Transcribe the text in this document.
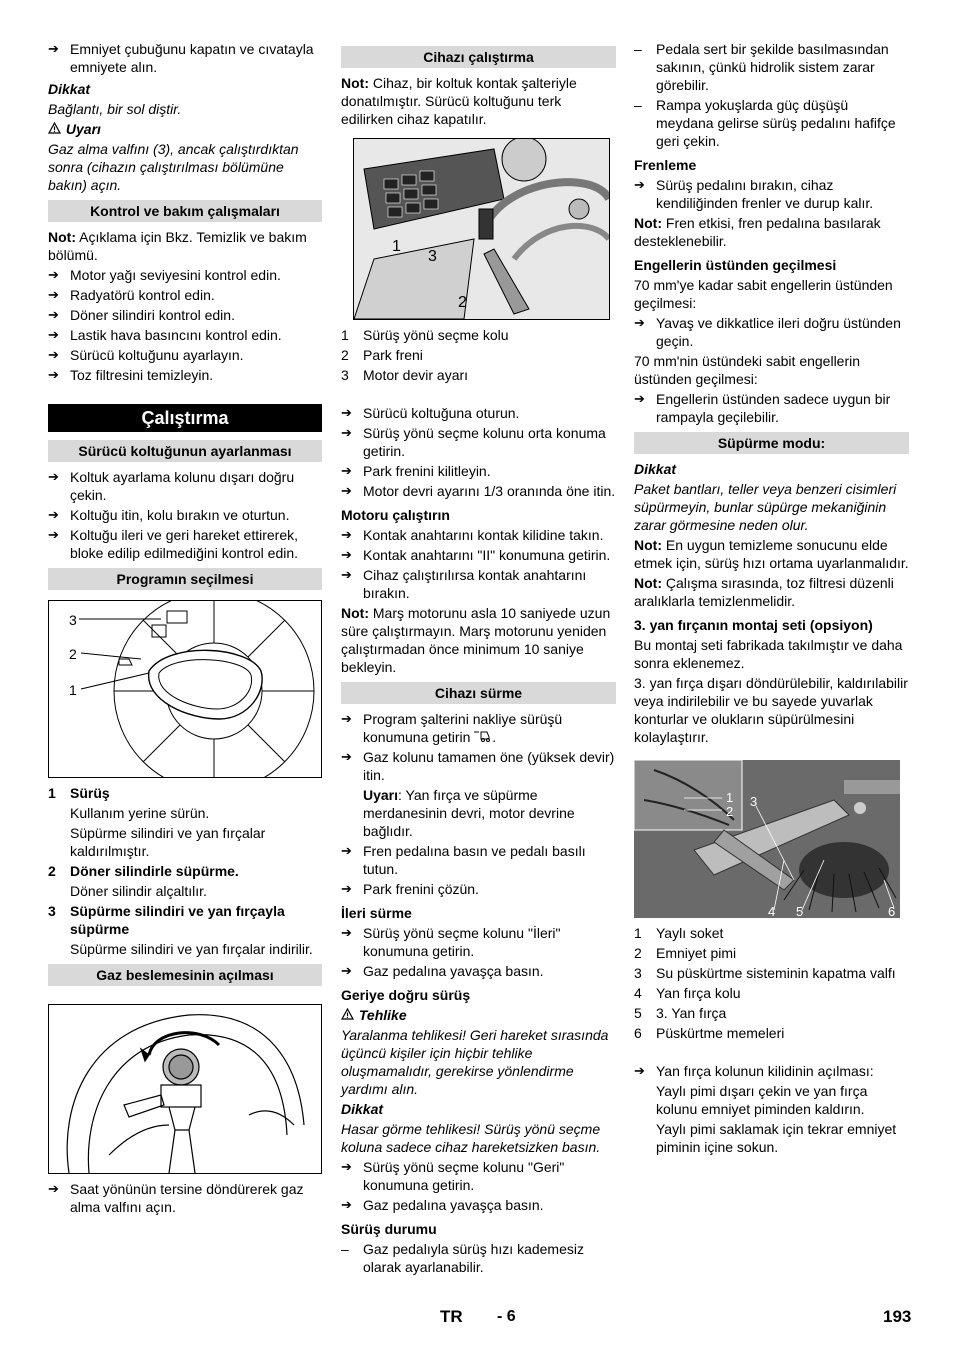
➔ Emniyet çubuğunu kapatın ve cıvatayla emniyete alın.
Dikkat
Bağlantı, bir sol diştir.
Uyarı
Gaz alma valfını (3), ancak çalıştırdıktan sonra (cihazın çalıştırılması bölümüne bakın) açın.
Kontrol ve bakım çalışmaları

Not: Açıklama için Bkz. Temizlik ve bakım bölümü.

➔ Motor yağı seviyesini kontrol edin.
➔ Radyatörü kontrol edin.
➔ Döner silindiri kontrol edin.
➔ Lastik hava basıncını kontrol edin.
➔ Sürücü koltuğunu ayarlayın.
➔ Toz filtresini temizleyin.
Çalıştırma
Sürücü koltuğunun ayarlanması
➔ Koltuk ayarlama kolunu dışarı doğru çekin.
➔ Koltuğu itin, kolu bırakın ve oturtun.
➔ Koltuğu ileri ve geri hareket ettirerek, bloke edilip edilmediğini kontrol edin.
Programın seçilmesi
3
2
1
1 Sürüş
Kullanım yerine sürün.
Süpürme silindiri ve yan fırçalar kaldırılmıştır.
2 Döner silindirle süpürme.
Döner silindir alçaltılır.
3 Süpürme silindiri ve yan fırçayla süpürme
Süpürme silindiri ve yan fırçalar indirilir.
Gaz beslemesinin açılması
➔ Saat yönünün tersine döndürerek gaz alma valfını açın.
Cihazı çalıştırma

Not: Cihaz, bir koltuk kontak şalteriyle donatılmıştır. Sürücü koltuğunu terk edilirken cihaz kapatılır.

1
3
2
1 Sürüş yönü seçme kolu
2 Park freni
3 Motor devir ayarı
➔ Sürücü koltuğuna oturun.
➔ Sürüş yönü seçme kolunu orta konuma getirin.
➔ Park frenini kilitleyin.
➔ Motor devri ayarını 1/3 oranında öne itin.
Motoru çalıştırın
➔ Kontak anahtarını kontak kilidine takın.
➔ Kontak anahtarını "II" konumuna getirin.
➔ Cihaz çalıştırılırsa kontak anahtarını bırakın.

Not: Marş motorunu asla 10 saniyede uzun süre çalıştırmayın. Marş motorunu yeniden çalıştırmadan önce minimum 10 saniye bekleyin.

Cihazı sürme
➔ Program şalterini nakliye sürüşü konumuna getirin .
➔ Gaz kolunu tamamen öne (yüksek devir) itin.
Uyarı: Yan fırça ve süpürme merdanesinin devri, motor devrine bağlıdır.
➔ Fren pedalına basın ve pedalı basılı tutun.
➔ Park frenini çözün.
İleri sürme
➔ Sürüş yönü seçme kolunu "İleri" konumuna getirin.
➔ Gaz pedalına yavaşça basın.
Geriye doğru sürüş
Tehlike
Yaralanma tehlikesi! Geri hareket sırasında üçüncü kişiler için hiçbir tehlike oluşmamalıdır, gerekirse yönlendirme yardımı alın.
Dikkat
Hasar görme tehlikesi! Sürüş yönü seçme koluna sadece cihaz hareketsizken basın.
➔ Sürüş yönü seçme kolunu "Geri" konumuna getirin.
➔ Gaz pedalına yavaşça basın.
Sürüş durumu
– Gaz pedalıyla sürüş hızı kademesiz olarak ayarlanabilir.
– Pedala sert bir şekilde basılmasından sakının, çünkü hidrolik sistem zarar görebilir.
– Rampa yokuşlarda güç düşüşü meydana gelirse sürüş pedalını hafifçe geri çekin.
Frenleme
➔ Sürüş pedalını bırakın, cihaz kendiliğinden frenler ve durup kalır.

Not: Fren etkisi, fren pedalına basılarak desteklenebilir.

Engellerin üstünden geçilmesi

70 mm'ye kadar sabit engellerin üstünden geçilmesi:

➔ Yavaş ve dikkatlice ileri doğru üstünden geçin.

70 mm'nin üstündeki sabit engellerin üstünden geçilmesi:

➔ Engellerin üstünden sadece uygun bir rampayla geçilebilir.
Süpürme modu:
Dikkat
Paket bantları, teller veya benzeri cisimleri süpürmeyin, bunlar süpürge mekaniğinin zarar görmesine neden olur.

Not: En uygun temizleme sonucunu elde etmek için, sürüş hızı ortama uyarlanmalıdır.

Not: Çalışma sırasında, toz filtresi düzenli aralıklarla temizlenmelidir.

3. yan fırçanın montaj seti (opsiyon)

Bu montaj seti fabrikada takılmıştır ve daha sonra eklenemez.

3. yan fırça dışarı döndürülebilir, kaldırılabilir veya indirilebilir ve bu sayede yuvarlak konturlar ve olukların süpürülmesini kolaylaştırır.

1
2
3
4 5	6
1 Yaylı soket
2 Emniyet pimi
3 Su püskürtme sisteminin kapatma valfı
4 Yan fırça kolu
5 3. Yan fırça
6 Püskürtme memeleri
➔ Yan fırça kolunun kilidinin açılması:
Yaylı pimi dışarı çekin ve yan fırça kolunu emniyet piminden kaldırın.
Yaylı pimi saklamak için tekrar emniyet piminin içine sokun.
TR - 6	193
